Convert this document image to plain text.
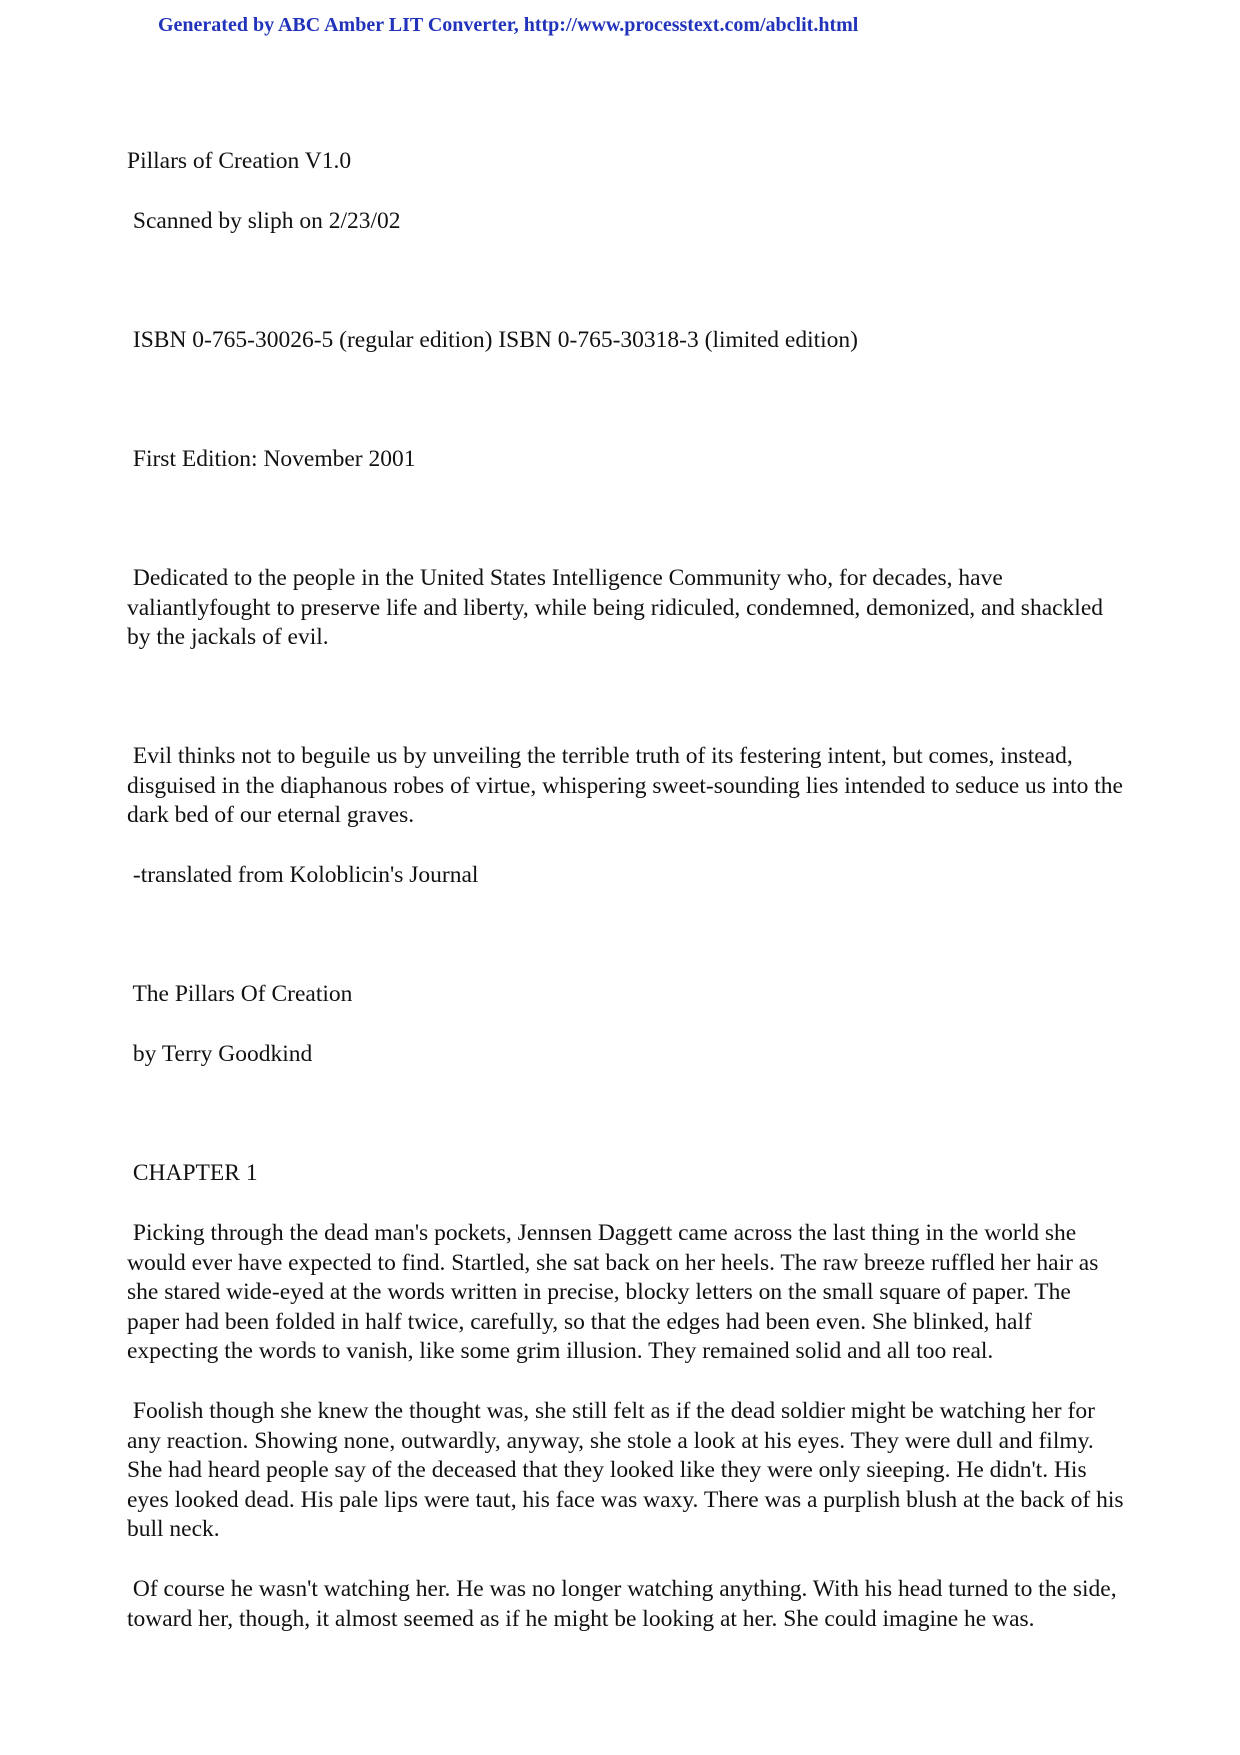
Generated by ABC Amber LIT Converter, http://www.processtext.com/abclit.html

Pillars of Creation V1.0

Scanned by sliph on 2/23/02

ISBN 0-765-30026-5 (regular edition) ISBN 0-765-30318-3 (limited edition)

First Edition: November 2001

Dedicated to the people in the United States Intelligence Community who, for decades, have valiantlyfought to preserve life and liberty, while being ridiculed, condemned, demonized, and shackled by the jackals of evil.

Evil thinks not to beguile us by unveiling the terrible truth of its festering intent, but comes, instead, disguised in the diaphanous robes of virtue, whispering sweet-sounding lies intended to seduce us into the dark bed of our eternal graves.

-translated from Koloblicin's Journal

The Pillars Of Creation

by Terry Goodkind

CHAPTER 1

Picking through the dead man's pockets, Jennsen Daggett came across the last thing in the world she would ever have expected to find. Startled, she sat back on her heels. The raw breeze ruffled her hair as she stared wide-eyed at the words written in precise, blocky letters on the small square of paper. The paper had been folded in half twice, carefully, so that the edges had been even. She blinked, half expecting the words to vanish, like some grim illusion. They remained solid and all too real.

Foolish though she knew the thought was, she still felt as if the dead soldier might be watching her for any reaction. Showing none, outwardly, anyway, she stole a look at his eyes. They were dull and filmy. She had heard people say of the deceased that they looked like they were only sieeping. He didn't. His eyes looked dead. His pale lips were taut, his face was waxy. There was a purplish blush at the back of his bull neck.

Of course he wasn't watching her. He was no longer watching anything. With his head turned to the side, toward her, though, it almost seemed as if he might be looking at her. She could imagine he was.
